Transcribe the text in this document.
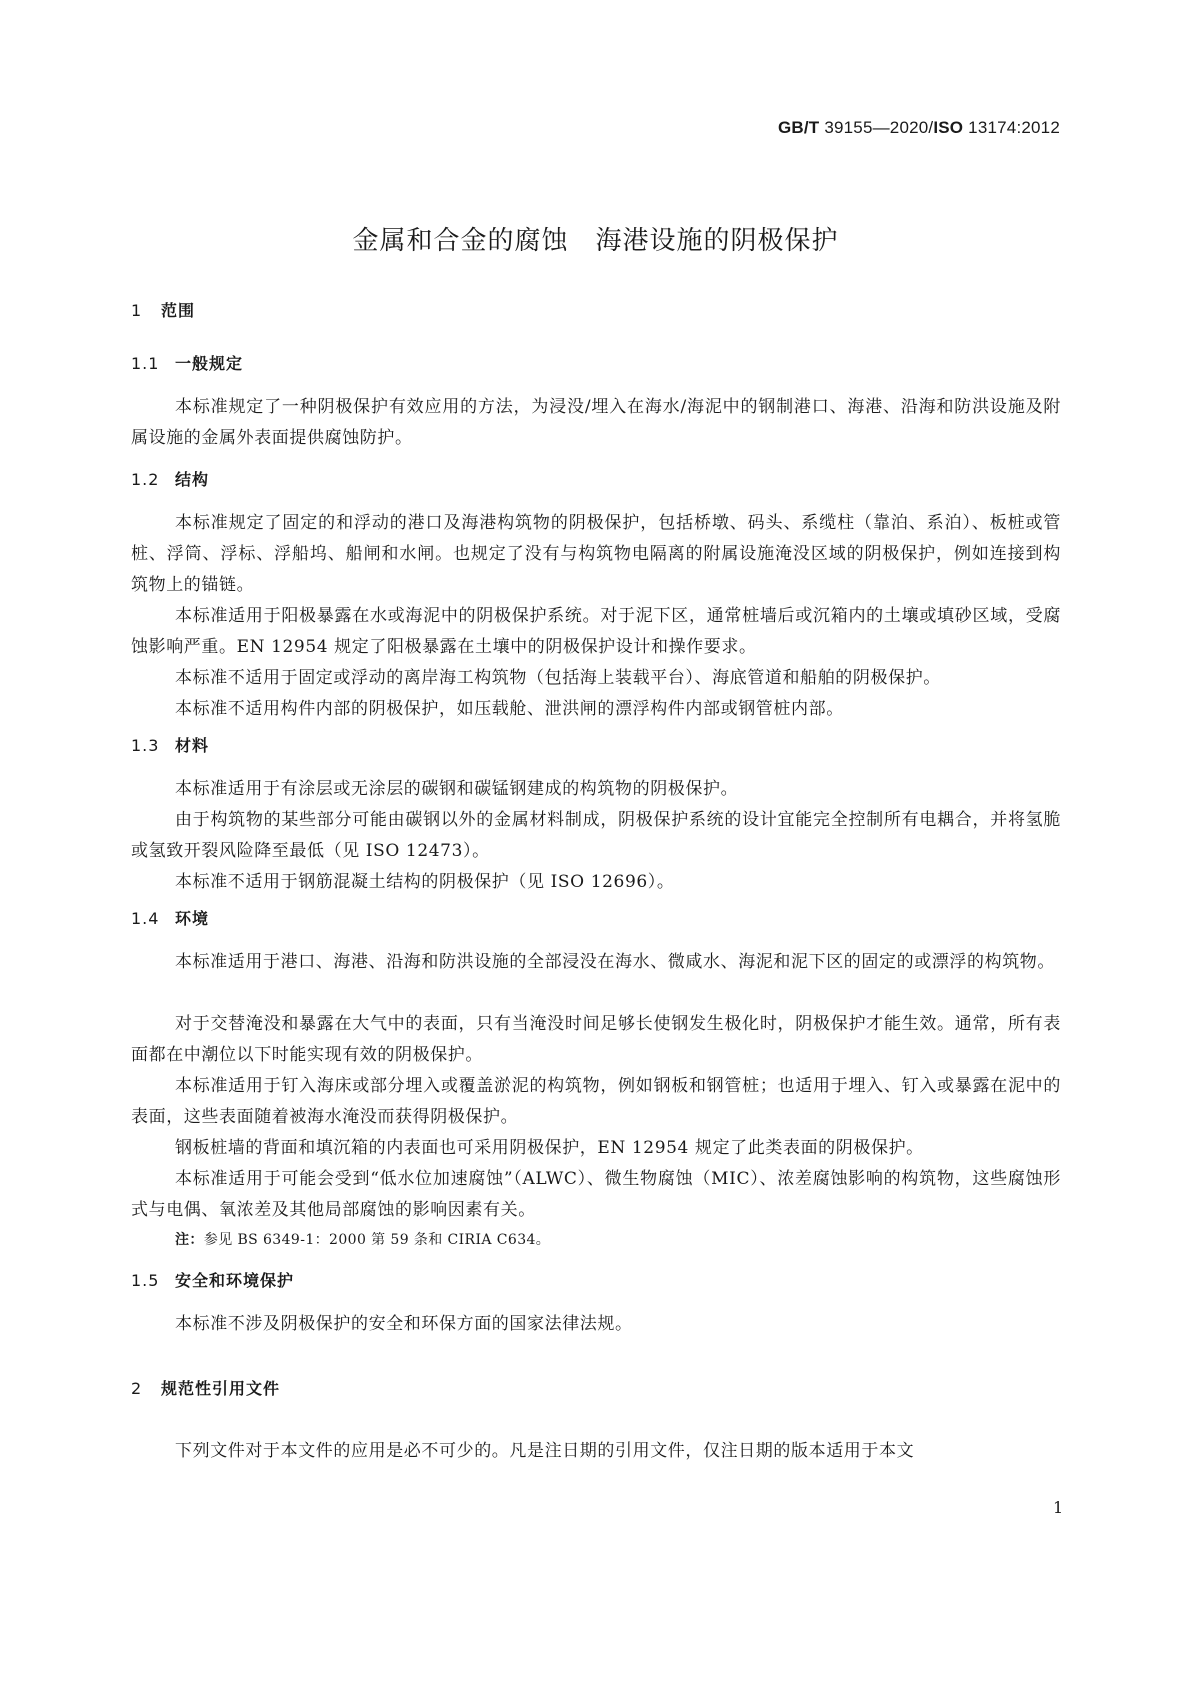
GB/T 39155—2020/ISO 13174:2012
金属和合金的腐蚀　海港设施的阴极保护
1 范围
1.1 一般规定
本标准规定了一种阴极保护有效应用的方法，为浸没/埋入在海水/海泥中的钢制港口、海港、沿海和防洪设施及附属设施的金属外表面提供腐蚀防护。
1.2 结构
本标准规定了固定的和浮动的港口及海港构筑物的阴极保护，包括桥墩、码头、系缆柱（靠泊、系泊）、板桩或管桩、浮筒、浮标、浮船坞、船闸和水闸。也规定了没有与构筑物电隔离的附属设施淹没区域的阴极保护，例如连接到构筑物上的锚链。
本标准适用于阳极暴露在水或海泥中的阴极保护系统。对于泥下区，通常桩墙后或沉箱内的土壤或填砂区域，受腐蚀影响严重。EN 12954 规定了阳极暴露在土壤中的阴极保护设计和操作要求。
本标准不适用于固定或浮动的离岸海工构筑物（包括海上装载平台）、海底管道和船舶的阴极保护。
本标准不适用构件内部的阴极保护，如压载舱、泄洪闸的漂浮构件内部或钢管桩内部。
1.3 材料
本标准适用于有涂层或无涂层的碳钢和碳锰钢建成的构筑物的阴极保护。
由于构筑物的某些部分可能由碳钢以外的金属材料制成，阴极保护系统的设计宜能完全控制所有电耦合，并将氢脆或氢致开裂风险降至最低（见 ISO 12473）。
本标准不适用于钢筋混凝土结构的阴极保护（见 ISO 12696）。
1.4 环境
本标准适用于港口、海港、沿海和防洪设施的全部浸没在海水、微咸水、海泥和泥下区的固定的或漂浮的构筑物。
对于交替淹没和暴露在大气中的表面，只有当淹没时间足够长使钢发生极化时，阴极保护才能生效。通常，所有表面都在中潮位以下时能实现有效的阴极保护。
本标准适用于钉入海床或部分埋入或覆盖淤泥的构筑物，例如钢板和钢管桩；也适用于埋入、钉入或暴露在泥中的表面，这些表面随着被海水淹没而获得阴极保护。
钢板桩墙的背面和填沉箱的内表面也可采用阴极保护，EN 12954 规定了此类表面的阴极保护。
本标准适用于可能会受到“低水位加速腐蚀”（ALWC）、微生物腐蚀（MIC）、浓差腐蚀影响的构筑物，这些腐蚀形式与电偶、氧浓差及其他局部腐蚀的影响因素有关。
注：参见 BS 6349-1：2000 第 59 条和 CIRIA C634。
1.5 安全和环境保护
本标准不涉及阴极保护的安全和环保方面的国家法律法规。
2 规范性引用文件
下列文件对于本文件的应用是必不可少的。凡是注日期的引用文件，仅注日期的版本适用于本文
1
